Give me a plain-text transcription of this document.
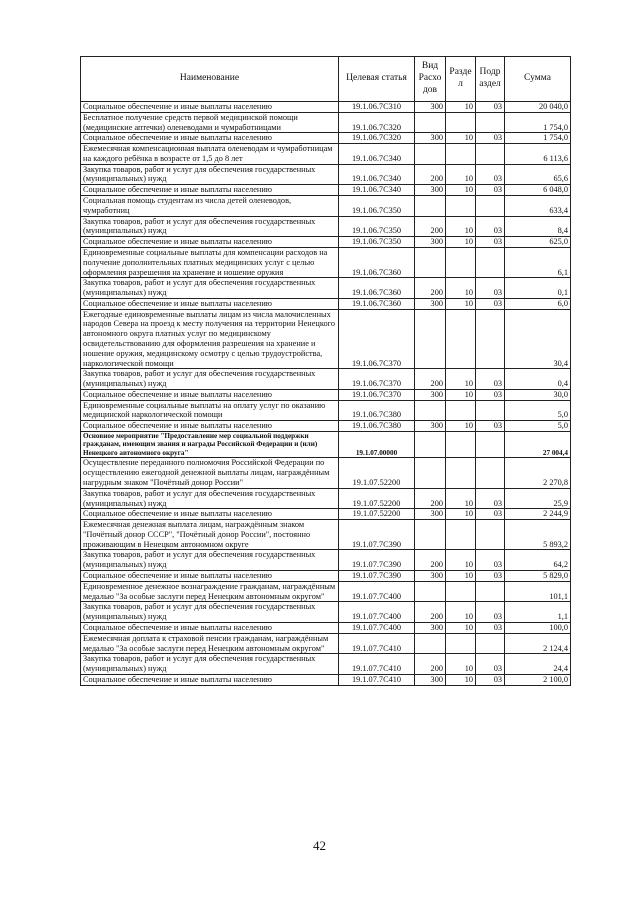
Наименование	Целевая статья	Вид Расходов	Раздел	Подраздел	Сумма
Социальное обеспечение и иные выплаты населению	19.1.06.7С310	300	10	03	20 040,0
Бесплатное получение средств первой медицинской помощи (медицинские аптечки) оленеводами и чумработницами	19.1.06.7С320				1 754,0
Социальное обеспечение и иные выплаты населению	19.1.06.7С320	300	10	03	1 754,0
Ежемесячная компенсационная выплата оленеводам и чумработницам на каждого ребёнка в возрасте от 1,5 до 8 лет	19.1.06.7С340				6 113,6
Закупка товаров, работ и услуг для обеспечения государственных (муниципальных) нужд	19.1.06.7С340	200	10	03	65,6
Социальное обеспечение и иные выплаты населению	19.1.06.7С340	300	10	03	6 048,0
Социальная помощь студентам из числа детей оленеводов, чумработниц	19.1.06.7С350				633,4
Закупка товаров, работ и услуг для обеспечения государственных (муниципальных) нужд	19.1.06.7С350	200	10	03	8,4
Социальное обеспечение и иные выплаты населению	19.1.06.7С350	300	10	03	625,0
Единовременные социальные выплаты для компенсации расходов на получение дополнительных платных медицинских услуг с целью оформления разрешения на хранение и ношение оружия	19.1.06.7С360				6,1
Закупка товаров, работ и услуг для обеспечения государственных (муниципальных) нужд	19.1.06.7С360	200	10	03	0,1
Социальное обеспечение и иные выплаты населению	19.1.06.7С360	300	10	03	6,0
Ежегодные единовременные выплаты лицам из числа малочисленных народов Севера на проезд к месту получения на территории Ненецкого автономного округа платных услуг по медицинскому освидетельствованию для оформления разрешения на хранение и ношение оружия, медицинскому осмотру с целью трудоустройства, наркологической помощи	19.1.06.7С370				30,4
Закупка товаров, работ и услуг для обеспечения государственных (муниципальных) нужд	19.1.06.7С370	200	10	03	0,4
Социальное обеспечение и иные выплаты населению	19.1.06.7С370	300	10	03	30,0
Единовременные социальные выплаты на оплату услуг по оказанию медицинской наркологической помощи	19.1.06.7С380				5,0
Социальное обеспечение и иные выплаты населению	19.1.06.7С380	300	10	03	5,0
Основное мероприятие "Предоставление мер социальной поддержки гражданам, имеющим звания и награды Российской Федерации и (или) Ненецкого автономного округа"	19.1.07.00000				27 004,4
Осуществление переданного полномочия Российской Федерации по осуществлению ежегодной денежной выплаты лицам, награждённым нагрудным знаком "Почётный донор России"	19.1.07.52200				2 270,8
Закупка товаров, работ и услуг для обеспечения государственных (муниципальных) нужд	19.1.07.52200	200	10	03	25,9
Социальное обеспечение и иные выплаты населению	19.1.07.52200	300	10	03	2 244,9
Ежемесячная денежная выплата лицам, награждённым знаком "Почётный донор СССР", "Почётный донор России", постоянно проживающим в Ненецком автономном округе	19.1.07.7С390				5 893,2
Закупка товаров, работ и услуг для обеспечения государственных (муниципальных) нужд	19.1.07.7С390	200	10	03	64,2
Социальное обеспечение и иные выплаты населению	19.1.07.7С390	300	10	03	5 829,0
Единовременное денежное вознаграждение гражданам, награждённым медалью "За особые заслуги перед Ненецким автономным округом"	19.1.07.7С400				101,1
Закупка товаров, работ и услуг для обеспечения государственных (муниципальных) нужд	19.1.07.7С400	200	10	03	1,1
Социальное обеспечение и иные выплаты населению	19.1.07.7С400	300	10	03	100,0
Ежемесячная доплата к страховой пенсии гражданам, награждённым медалью "За особые заслуги перед Ненецким автономным округом"	19.1.07.7С410				2 124,4
Закупка товаров, работ и услуг для обеспечения государственных (муниципальных) нужд	19.1.07.7С410	200	10	03	24,4
Социальное обеспечение и иные выплаты населению	19.1.07.7С410	300	10	03	2 100,0
42
